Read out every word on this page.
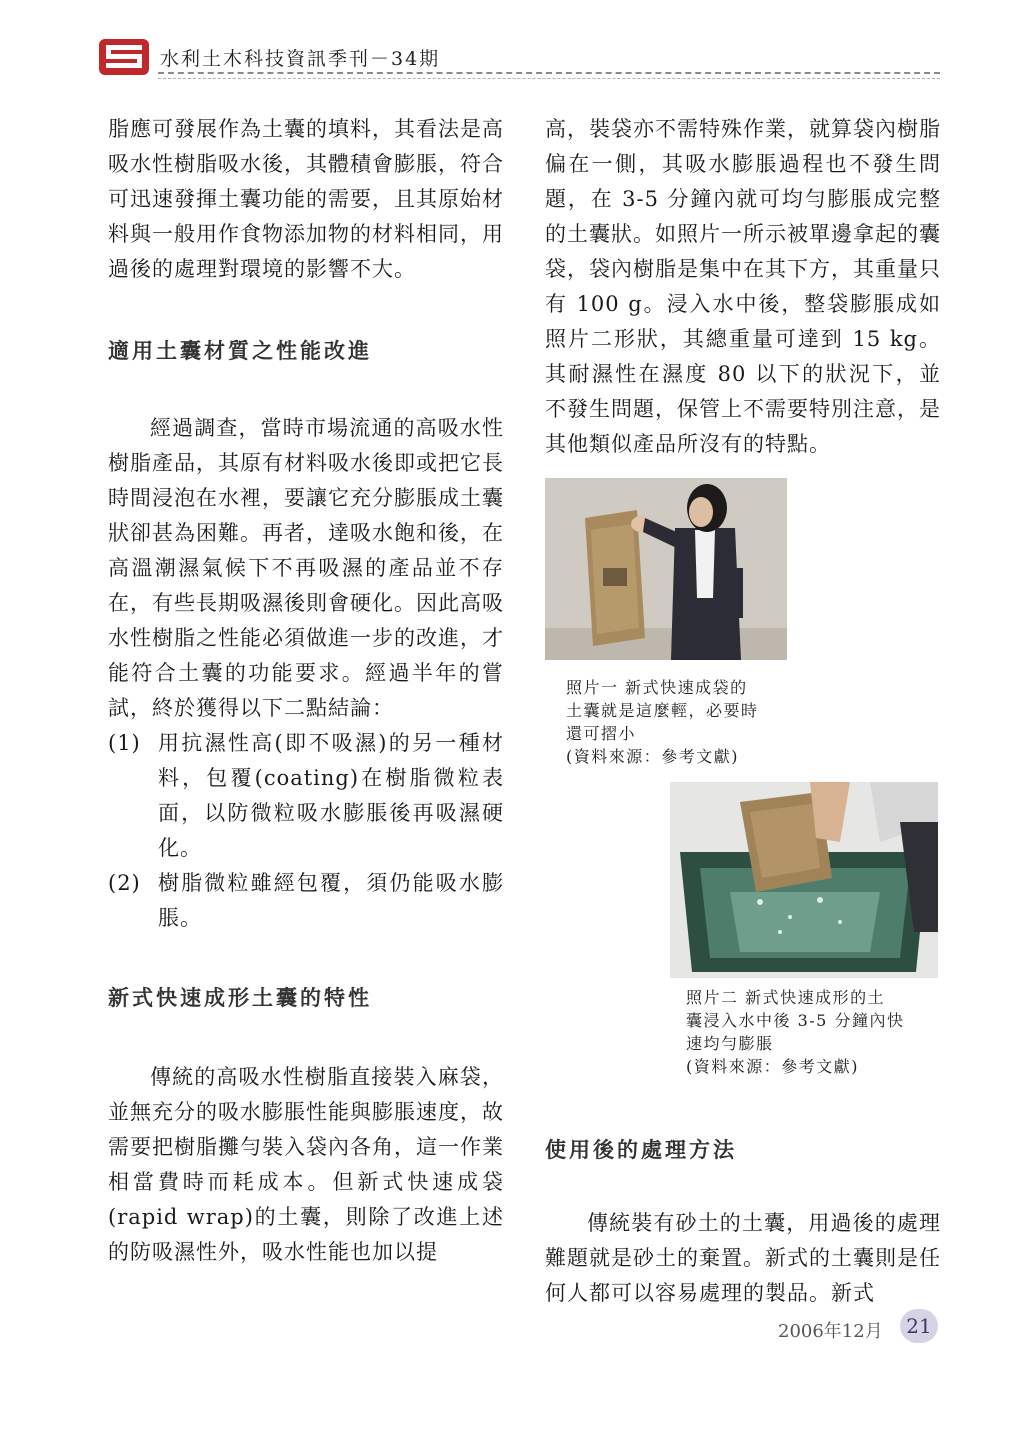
水利土木科技資訊季刊－34期

脂應可發展作為土囊的填料，其看法是高吸水性樹脂吸水後，其體積會膨脹，符合可迅速發揮土囊功能的需要，且其原始材料與一般用作食物添加物的材料相同，用過後的處理對環境的影響不大。

適用土囊材質之性能改進

經過調查，當時市場流通的高吸水性樹脂產品，其原有材料吸水後即或把它長時間浸泡在水裡，要讓它充分膨脹成土囊狀卻甚為困難。再者，達吸水飽和後，在高溫潮濕氣候下不再吸濕的產品並不存在，有些長期吸濕後則會硬化。因此高吸水性樹脂之性能必須做進一步的改進，才能符合土囊的功能要求。經過半年的嘗試，終於獲得以下二點結論：

(1) 用抗濕性高(即不吸濕)的另一種材料，包覆(coating)在樹脂微粒表面，以防微粒吸水膨脹後再吸濕硬化。
(2) 樹脂微粒雖經包覆，須仍能吸水膨脹。
新式快速成形土囊的特性

傳統的高吸水性樹脂直接裝入麻袋，並無充分的吸水膨脹性能與膨脹速度，故需要把樹脂攤勻裝入袋內各角，這一作業相當費時而耗成本。但新式快速成袋(rapid wrap)的土囊，則除了改進上述的防吸濕性外，吸水性能也加以提

高，裝袋亦不需特殊作業，就算袋內樹脂偏在一側，其吸水膨脹過程也不發生問題，在 3-5 分鐘內就可均勻膨脹成完整的土囊狀。如照片一所示被單邊拿起的囊袋，袋內樹脂是集中在其下方，其重量只有 100 g。浸入水中後，整袋膨脹成如照片二形狀，其總重量可達到 15 kg。其耐濕性在濕度 80 以下的狀況下，並不發生問題，保管上不需要特別注意，是其他類似產品所沒有的特點。

照片一 新式快速成袋的
土囊就是這麼輕，必要時
還可摺小
(資料來源：參考文獻)
照片二 新式快速成形的土
囊浸入水中後 3-5 分鐘內快
速均勻膨脹
(資料來源：參考文獻)
使用後的處理方法

傳統裝有砂土的土囊，用過後的處理難題就是砂土的棄置。新式的土囊則是任何人都可以容易處理的製品。新式

2006年12月	21
